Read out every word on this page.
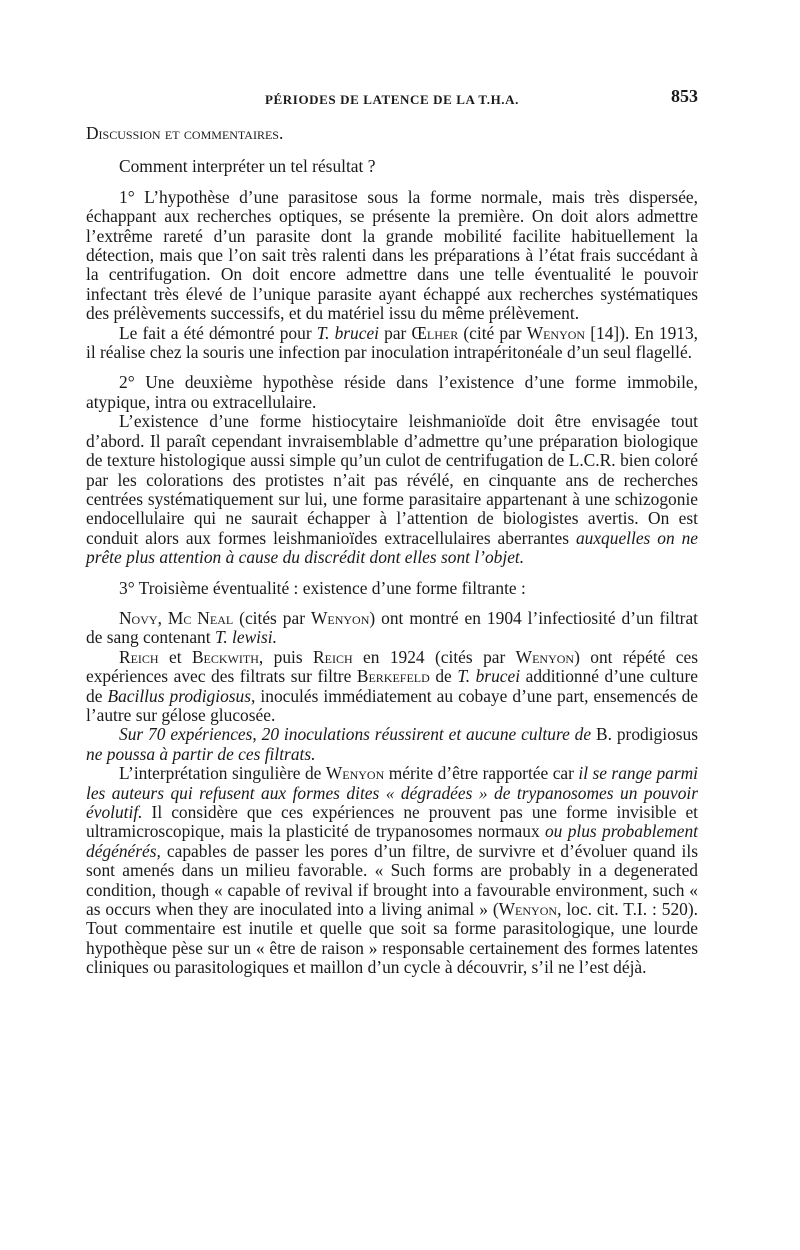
PÉRIODES DE LATENCE DE LA T.H.A.	853

Discussion et commentaires.

Comment interpréter un tel résultat ?

1° L’hypothèse d’une parasitose sous la forme normale, mais très dispersée, échappant aux recherches optiques, se présente la première. On doit alors admettre l’extrême rareté d’un parasite dont la grande mobilité facilite habituellement la détection, mais que l’on sait très ralenti dans les préparations à l’état frais succédant à la centrifugation. On doit encore admettre dans une telle éventualité le pouvoir infectant très élevé de l’unique parasite ayant échappé aux recherches systématiques des prélèvements successifs, et du matériel issu du même prélèvement.

Le fait a été démontré pour T. brucei par Œlher (cité par Wenyon [14]). En 1913, il réalise chez la souris une infection par inoculation intrapéritonéale d’un seul flagellé.

2° Une deuxième hypothèse réside dans l’existence d’une forme immobile, atypique, intra ou extracellulaire.

L’existence d’une forme histiocytaire leishmanioïde doit être envisagée tout d’abord. Il paraît cependant invraisemblable d’admettre qu’une préparation biologique de texture histologique aussi simple qu’un culot de centrifugation de L.C.R. bien coloré par les colorations des protistes n’ait pas révélé, en cinquante ans de recherches centrées systématiquement sur lui, une forme parasitaire appartenant à une schizogonie endocellulaire qui ne saurait échapper à l’attention de biologistes avertis. On est conduit alors aux formes leishmanioïdes extracellulaires aberrantes auxquelles on ne prête plus attention à cause du discrédit dont elles sont l’objet.

3° Troisième éventualité : existence d’une forme filtrante :

Novy, Mc Neal (cités par Wenyon) ont montré en 1904 l’infectiosité d’un filtrat de sang contenant T. lewisi.

Reich et Beckwith, puis Reich en 1924 (cités par Wenyon) ont répété ces expériences avec des filtrats sur filtre Berkefeld de T. brucei additionné d’une culture de Bacillus prodigiosus, inoculés immédiatement au cobaye d’une part, ensemencés de l’autre sur gélose glucosée.

Sur 70 expériences, 20 inoculations réussirent et aucune culture de B. prodigiosus ne poussa à partir de ces filtrats.

L’interprétation singulière de Wenyon mérite d’être rapportée car il se range parmi les auteurs qui refusent aux formes dites « dégradées » de trypanosomes un pouvoir évolutif. Il considère que ces expériences ne prouvent pas une forme invisible et ultramicroscopique, mais la plasticité de trypanosomes normaux ou plus probablement dégénérés, capables de passer les pores d’un filtre, de survivre et d’évoluer quand ils sont amenés dans un milieu favorable. « Such forms are probably in a degenerated condition, though « capable of revival if brought into a favourable environment, such « as occurs when they are inoculated into a living animal » (Wenyon, loc. cit. T.I. : 520). Tout commentaire est inutile et quelle que soit sa forme parasitologique, une lourde hypothèque pèse sur un « être de raison » responsable certainement des formes latentes cliniques ou parasitologiques et maillon d’un cycle à découvrir, s’il ne l’est déjà.
